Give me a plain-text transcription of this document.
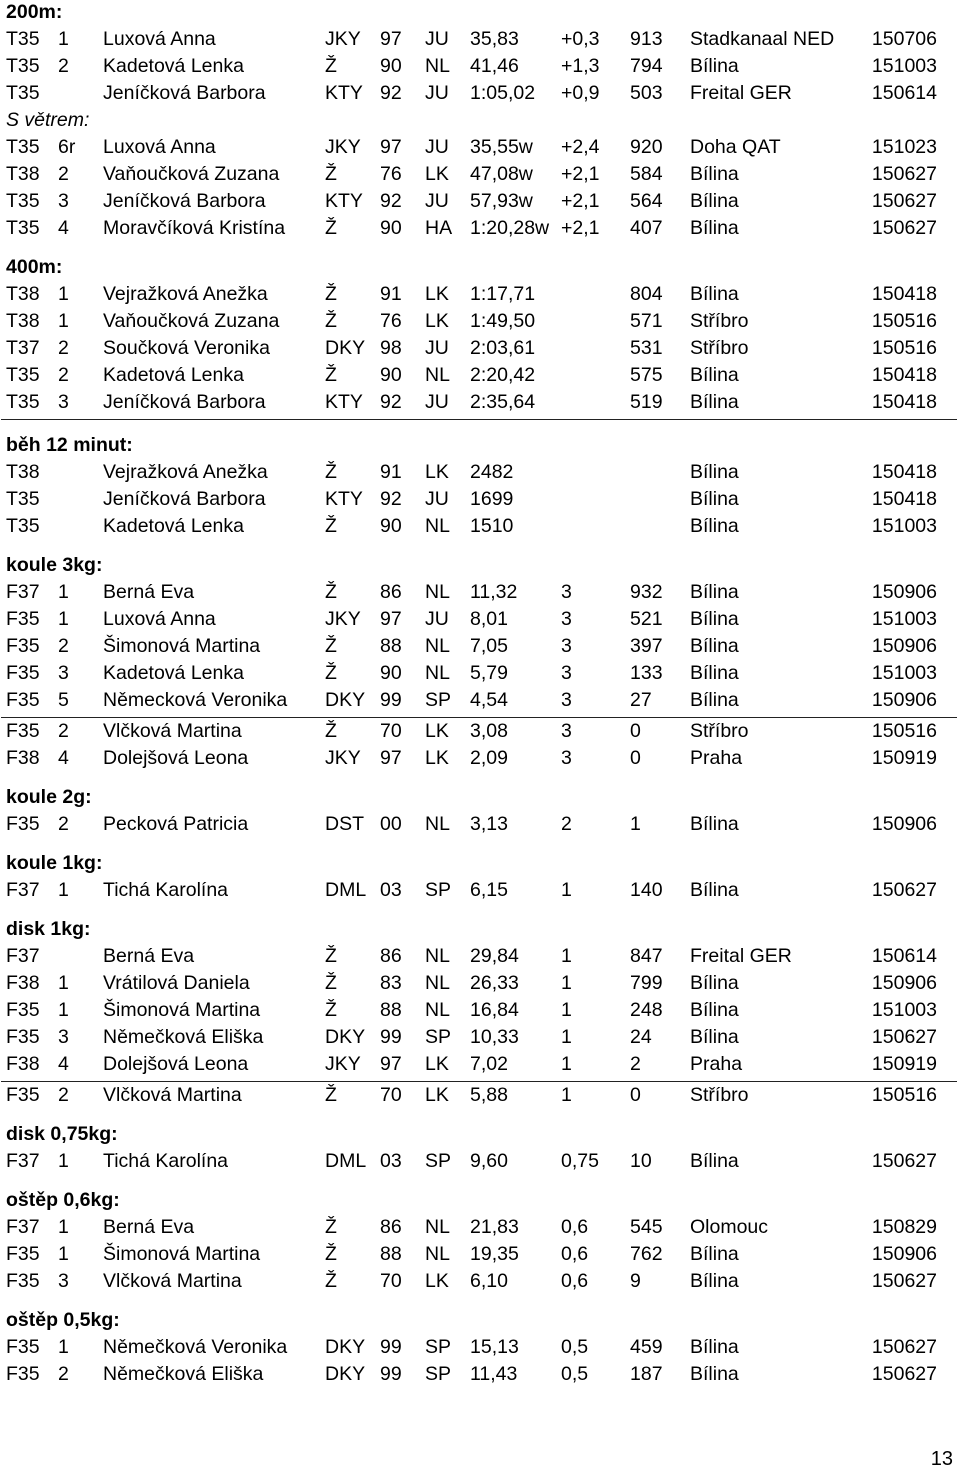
200m:
T35 1 Luxová Anna	JKY 97 JU 35,83 +0,3 913 Stadkanaal NED 150706
T35 2 Kadetová Lenka	Ž 90 NL 41,46 +1,3 794 Bílina	151003
T35	Jeníčková Barbora	KTY 92 JU 1:05,02 +0,9 503 Freital GER	150614
S větrem:
T35 6r Luxová Anna	JKY 97 JU 35,55w +2,4 920 Doha QAT	151023
T38 2 Vaňoučková Zuzana Ž 76 LK 47,08w +2,1 584 Bílina	150627
T35 3 Jeníčková Barbora	KTY 92 JU 57,93w +2,1 564 Bílina	150627
T35 4 Moravčíková Kristína Ž 90 HA 1:20,28w +2,1 407 Bílina	150627
400m:
T38 1 Vejražková Anežka	Ž 91 LK 1:17,71	804 Bílina	150418
T38 1 Vaňoučková Zuzana Ž 76 LK 1:49,50	571 Stříbro	150516
T37 2 Součková Veronika	DKY 98 JU 2:03,61	531 Stříbro	150516
T35 2 Kadetová Lenka	Ž 90 NL 2:20,42	575 Bílina	150418
T35 3 Jeníčková Barbora	KTY 92 JU 2:35,64	519 Bílina	150418
běh 12 minut:
T38	Vejražková Anežka	Ž 91 LK 2482	Bílina	150418
T35	Jeníčková Barbora	KTY 92 JU 1699	Bílina	150418
T35	Kadetová Lenka	Ž 90 NL 1510	Bílina	151003
koule 3kg:
F37 1 Berná Eva	Ž 86 NL 11,32 3	932 Bílina	150906
F35 1 Luxová Anna	JKY 97 JU 8,01	3	521 Bílina	151003
F35 2 Šimonová Martina	Ž 88 NL 7,05	3	397 Bílina	150906
F35 3 Kadetová Lenka	Ž 90 NL 5,79	3	133 Bílina	151003
F35 5 Německová Veronika DKY 99 SP 4,54	3	27 Bílina	150906
F35 2 Vlčková Martina	Ž 70 LK 3,08	3	0	Stříbro	150516
F38 4 Dolejšová Leona	JKY 97 LK 2,09	3	0	Praha	150919
koule 2g:
F35 2 Pecková Patricia	DST 00 NL 3,13	2	1	Bílina	150906
koule 1kg:
F37 1 Tichá Karolína	DML 03 SP 6,15	1	140 Bílina	150627
disk 1kg:
F37	Berná Eva	Ž 86 NL 29,84 1	847 Freital GER	150614
F38 1 Vrátilová Daniela	Ž 83 NL 26,33 1	799 Bílina	150906
F35 1 Šimonová Martina	Ž 88 NL 16,84 1	248 Bílina	151003
F35 3 Němečková Eliška	DKY 99 SP 10,33 1	24 Bílina	150627
F38 4 Dolejšová Leona	JKY 97 LK 7,02	1	2	Praha	150919
F35 2 Vlčková Martina	Ž 70 LK 5,88	1	0	Stříbro	150516
disk 0,75kg:
F37 1 Tichá Karolína	DML 03 SP 9,60	0,75 10 Bílina	150627
oštěp 0,6kg:
F37 1 Berná Eva	Ž 86 NL 21,83 0,6 545 Olomouc	150829
F35 1 Šimonová Martina	Ž 88 NL 19,35 0,6 762 Bílina	150906
F35 3 Vlčková Martina	Ž 70 LK 6,10	0,6 9	Bílina	150627
oštěp 0,5kg:
F35 1 Němečková Veronika DKY 99 SP 15,13 0,5 459 Bílina	150627
F35 2 Němečková Eliška	DKY 99 SP 11,43 0,5 187 Bílina	150627
13
